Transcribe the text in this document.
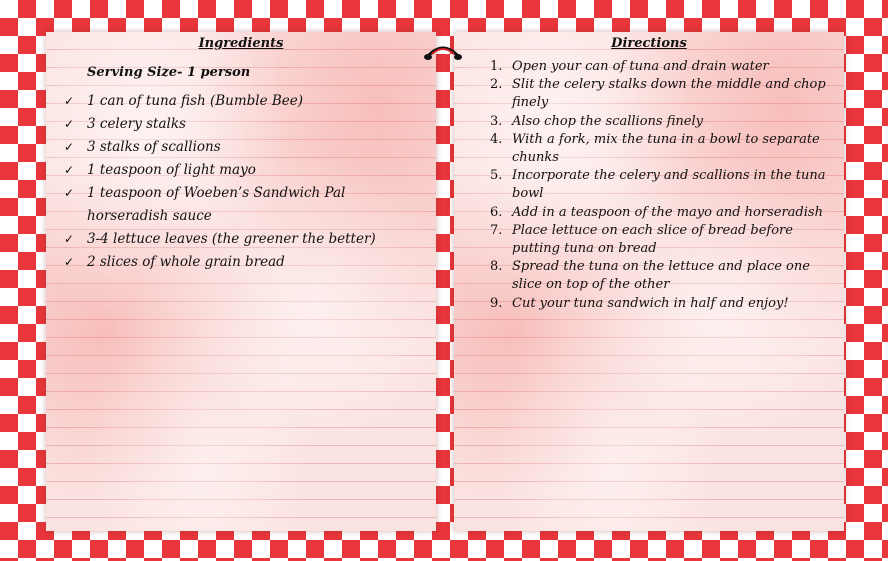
Ingredients
Serving Size- 1 person
✓ 1 can of tuna fish (Bumble Bee)
✓ 3 celery stalks
✓ 3 stalks of scallions
✓ 1 teaspoon of light mayo
✓ 1 teaspoon of Woeben’s Sandwich Pal horseradish sauce
✓ 3-4 lettuce leaves (the greener the better)
✓ 2 slices of whole grain bread
Directions
1. Open your can of tuna and drain water
2. Slit the celery stalks down the middle and chop finely
3. Also chop the scallions finely
4. With a fork, mix the tuna in a bowl to separate chunks
5. Incorporate the celery and scallions in the tuna bowl
6. Add in a teaspoon of the mayo and horseradish
7. Place lettuce on each slice of bread before putting tuna on bread
8. Spread the tuna on the lettuce and place one slice on top of the other
9. Cut your tuna sandwich in half and enjoy!
